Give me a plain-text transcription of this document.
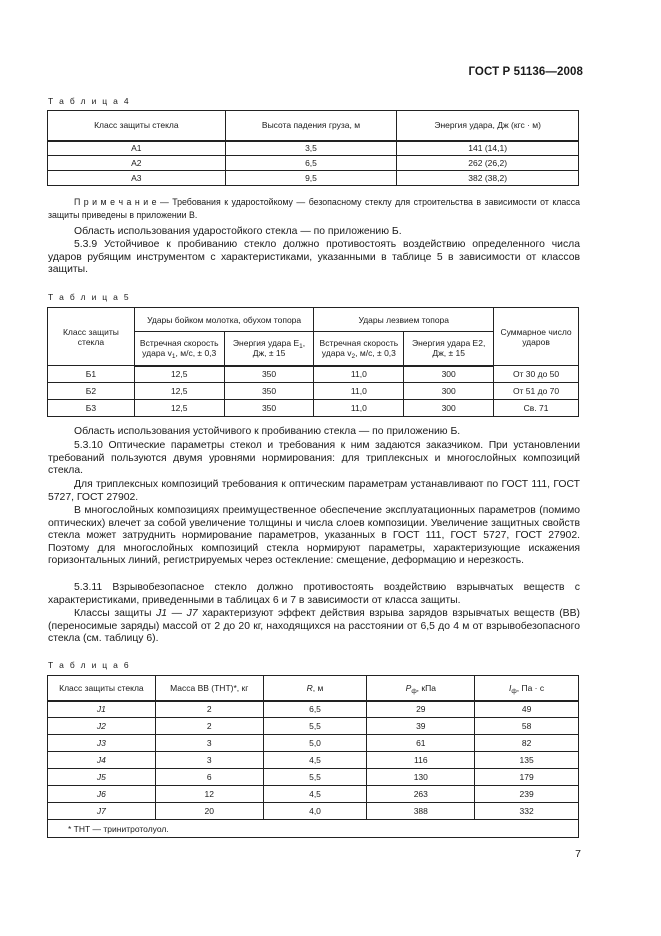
ГОСТ Р 51136—2008
Т а б л и ц а 4
Класс защиты стекла	Высота падения груза, м	Энергия удара, Дж (кгс · м)
А1	3,5	141 (14,1)
А2	6,5	262 (26,2)
А3	9,5	382 (38,2)
П р и м е ч а н и е — Требования к ударостойкому — безопасному стеклу для строительства в зависимости от класса защиты приведены в приложении В.
Область использования ударостойкого стекла — по приложению Б.
5.3.9 Устойчивое к пробиванию стекло должно противостоять воздействию определенного числа ударов рубящим инструментом с характеристиками, указанными в таблице 5 в зависимости от классов защиты.
Т а б л и ц а 5
Класс защиты стекла	Удары бойком молотка, обухом топора		Удары лезвием топора		Суммарное число ударов
	Встречная скорость удара $v_1$, м/с, ± 0,3	Энергия удара $Е_1$, Дж, ± 15	Встречная скорость удара $v_2$, м/с, ± 0,3	Энергия удара Е2, Дж, ± 15	
Б1	12,5	350	11,0	300	От 30 до 50
Б2	12,5	350	11,0	300	От 51 до 70
Б3	12,5	350	11,0	300	Св. 71
Область использования устойчивого к пробиванию стекла — по приложению Б.
5.3.10 Оптические параметры стекол и требования к ним задаются заказчиком. При установлении требований пользуются двумя уровнями нормирования: для триплексных и многослойных композиций стекла.
Для триплексных композиций требования к оптическим параметрам устанавливают по ГОСТ 111, ГОСТ 5727, ГОСТ 27902.
В многослойных композициях преимущественное обеспечение эксплуатационных параметров (помимо оптических) влечет за собой увеличение толщины и числа слоев композиции. Увеличение защитных свойств стекла может затруднить нормирование параметров, указанных в ГОСТ 111, ГОСТ 5727, ГОСТ 27902. Поэтому для многослойных композиций стекла нормируют параметры, характеризующие искажения горизонтальных линий, регистрируемых через остекление: смещение, деформацию и нерезкость.
5.3.11 Взрывобезопасное стекло должно противостоять воздействию взрывчатых веществ с характеристиками, приведенными в таблицах 6 и 7 в зависимости от класса защиты.
Классы защиты J1 — J7 характеризуют эффект действия взрыва зарядов взрывчатых веществ (ВВ) (переносимые заряды) массой от 2 до 20 кг, находящихся на расстоянии от 6,5 до 4 м от взрывобезопасного стекла (см. таблицу 6).
Т а б л и ц а 6
Класс защиты стекла	Масса ВВ (ТНТ)*, кг	R, м	$P_ф$, кПа	$I_ф$, Па · с
J1	2	6,5	29	49
J2	2	5,5	39	58
J3	3	5,0	61	82
J4	3	4,5	116	135
J5	6	5,5	130	179
J6	12	4,5	263	239
J7	20	4,0	388	332
* ТНТ — тринитротолуол.				
7
